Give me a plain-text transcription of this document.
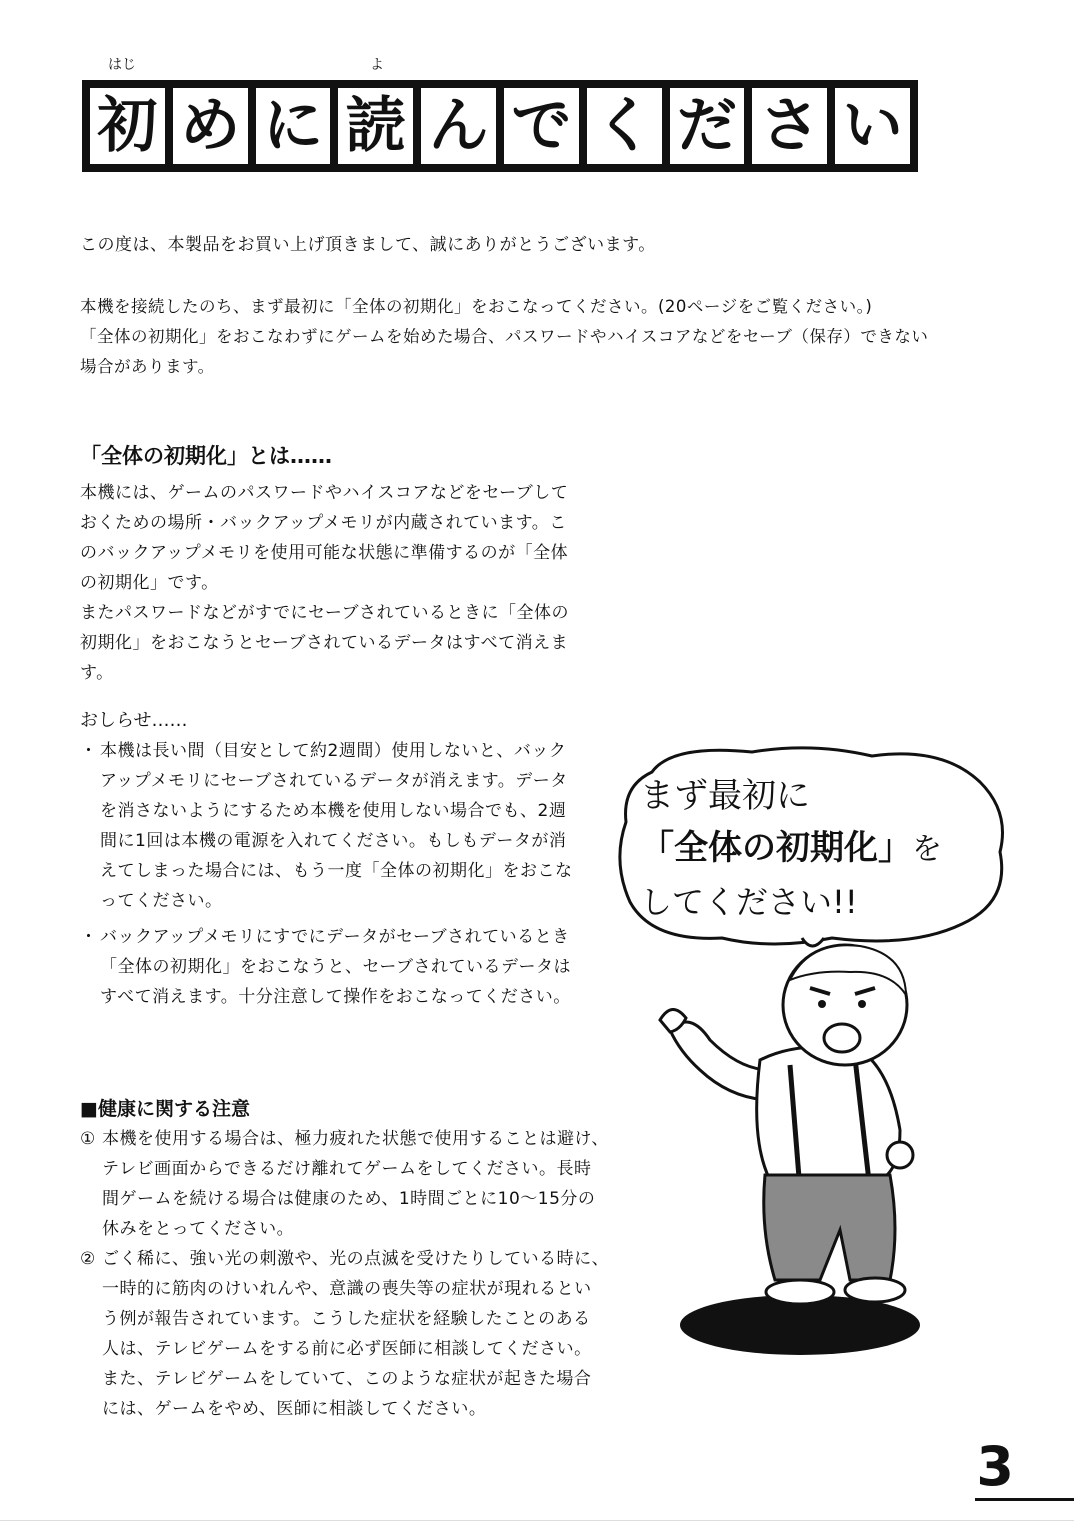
はじ	よ
初 め に 読 ん で く だ さ い

この度は、本製品をお買い上げ頂きまして、誠にありがとうございます。

本機を接続したのち、まず最初に「全体の初期化」をおこなってください。(20ページをご覧ください。)

「全体の初期化」をおこなわずにゲームを始めた場合、パスワードやハイスコアなどをセーブ（保存）できない

場合があります。

「全体の初期化」とは……

本機には、ゲームのパスワードやハイスコアなどをセーブして

おくための場所・バックアップメモリが内蔵されています。こ

のバックアップメモリを使用可能な状態に準備するのが「全体

の初期化」です。

またパスワードなどがすでにセーブされているときに「全体の

初期化」をおこなうとセーブされているデータはすべて消えます。

おしらせ……
・ 本機は長い間（目安として約2週間）使用しないと、バック

アップメモリにセーブされているデータが消えます。データ

を消さないようにするため本機を使用しない場合でも、2週

間に1回は本機の電源を入れてください。もしもデータが消

えてしまった場合には、もう一度「全体の初期化」をおこな

ってください。

・ バックアップメモリにすでにデータがセーブされているとき

「全体の初期化」をおこなうと、セーブされているデータは

すべて消えます。十分注意して操作をおこなってください。

■健康に関する注意
① 本機を使用する場合は、極力疲れた状態で使用することは避け、

テレビ画面からできるだけ離れてゲームをしてください。長時

間ゲームを続ける場合は健康のため、1時間ごとに10〜15分の

休みをとってください。

② ごく稀に、強い光の刺激や、光の点滅を受けたりしている時に、

一時的に筋肉のけいれんや、意識の喪失等の症状が現れるとい

う例が報告されています。こうした症状を経験したことのある

人は、テレビゲームをする前に必ず医師に相談してください。

また、テレビゲームをしていて、このような症状が起きた場合

には、ゲームをやめ、医師に相談してください。

まず最初に
「全体の初期化」を
してください!!
3
